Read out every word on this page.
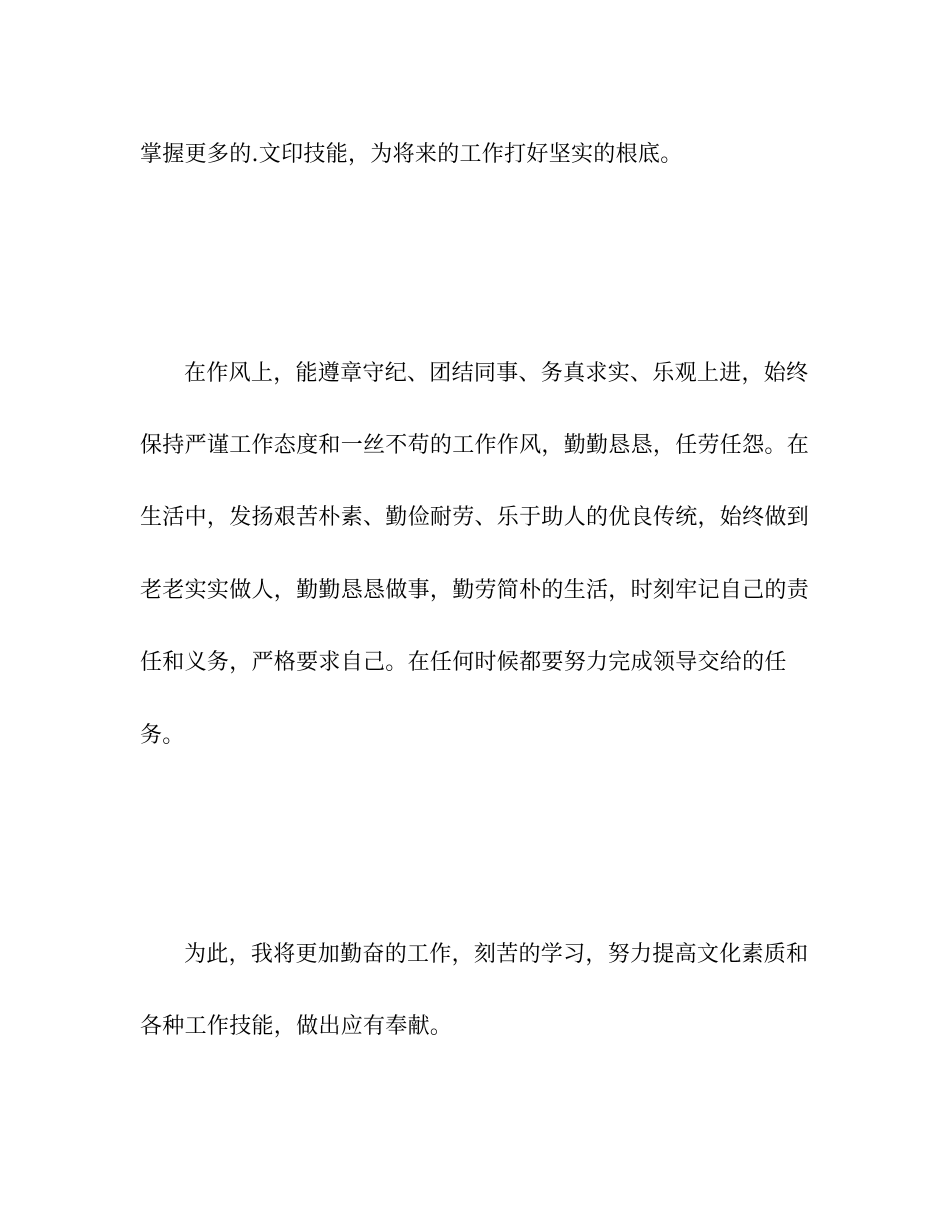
掌握更多的.文印技能，为将来的工作打好坚实的根底。
在作风上，能遵章守纪、团结同事、务真求实、乐观上进，始终
保持严谨工作态度和一丝不苟的工作作风，勤勤恳恳，任劳任怨。在
生活中，发扬艰苦朴素、勤俭耐劳、乐于助人的优良传统，始终做到
老老实实做人，勤勤恳恳做事，勤劳简朴的生活，时刻牢记自己的责
任和义务，严格要求自己。在任何时候都要努力完成领导交给的任
务。
为此，我将更加勤奋的工作，刻苦的学习，努力提高文化素质和
各种工作技能，做出应有奉献。
